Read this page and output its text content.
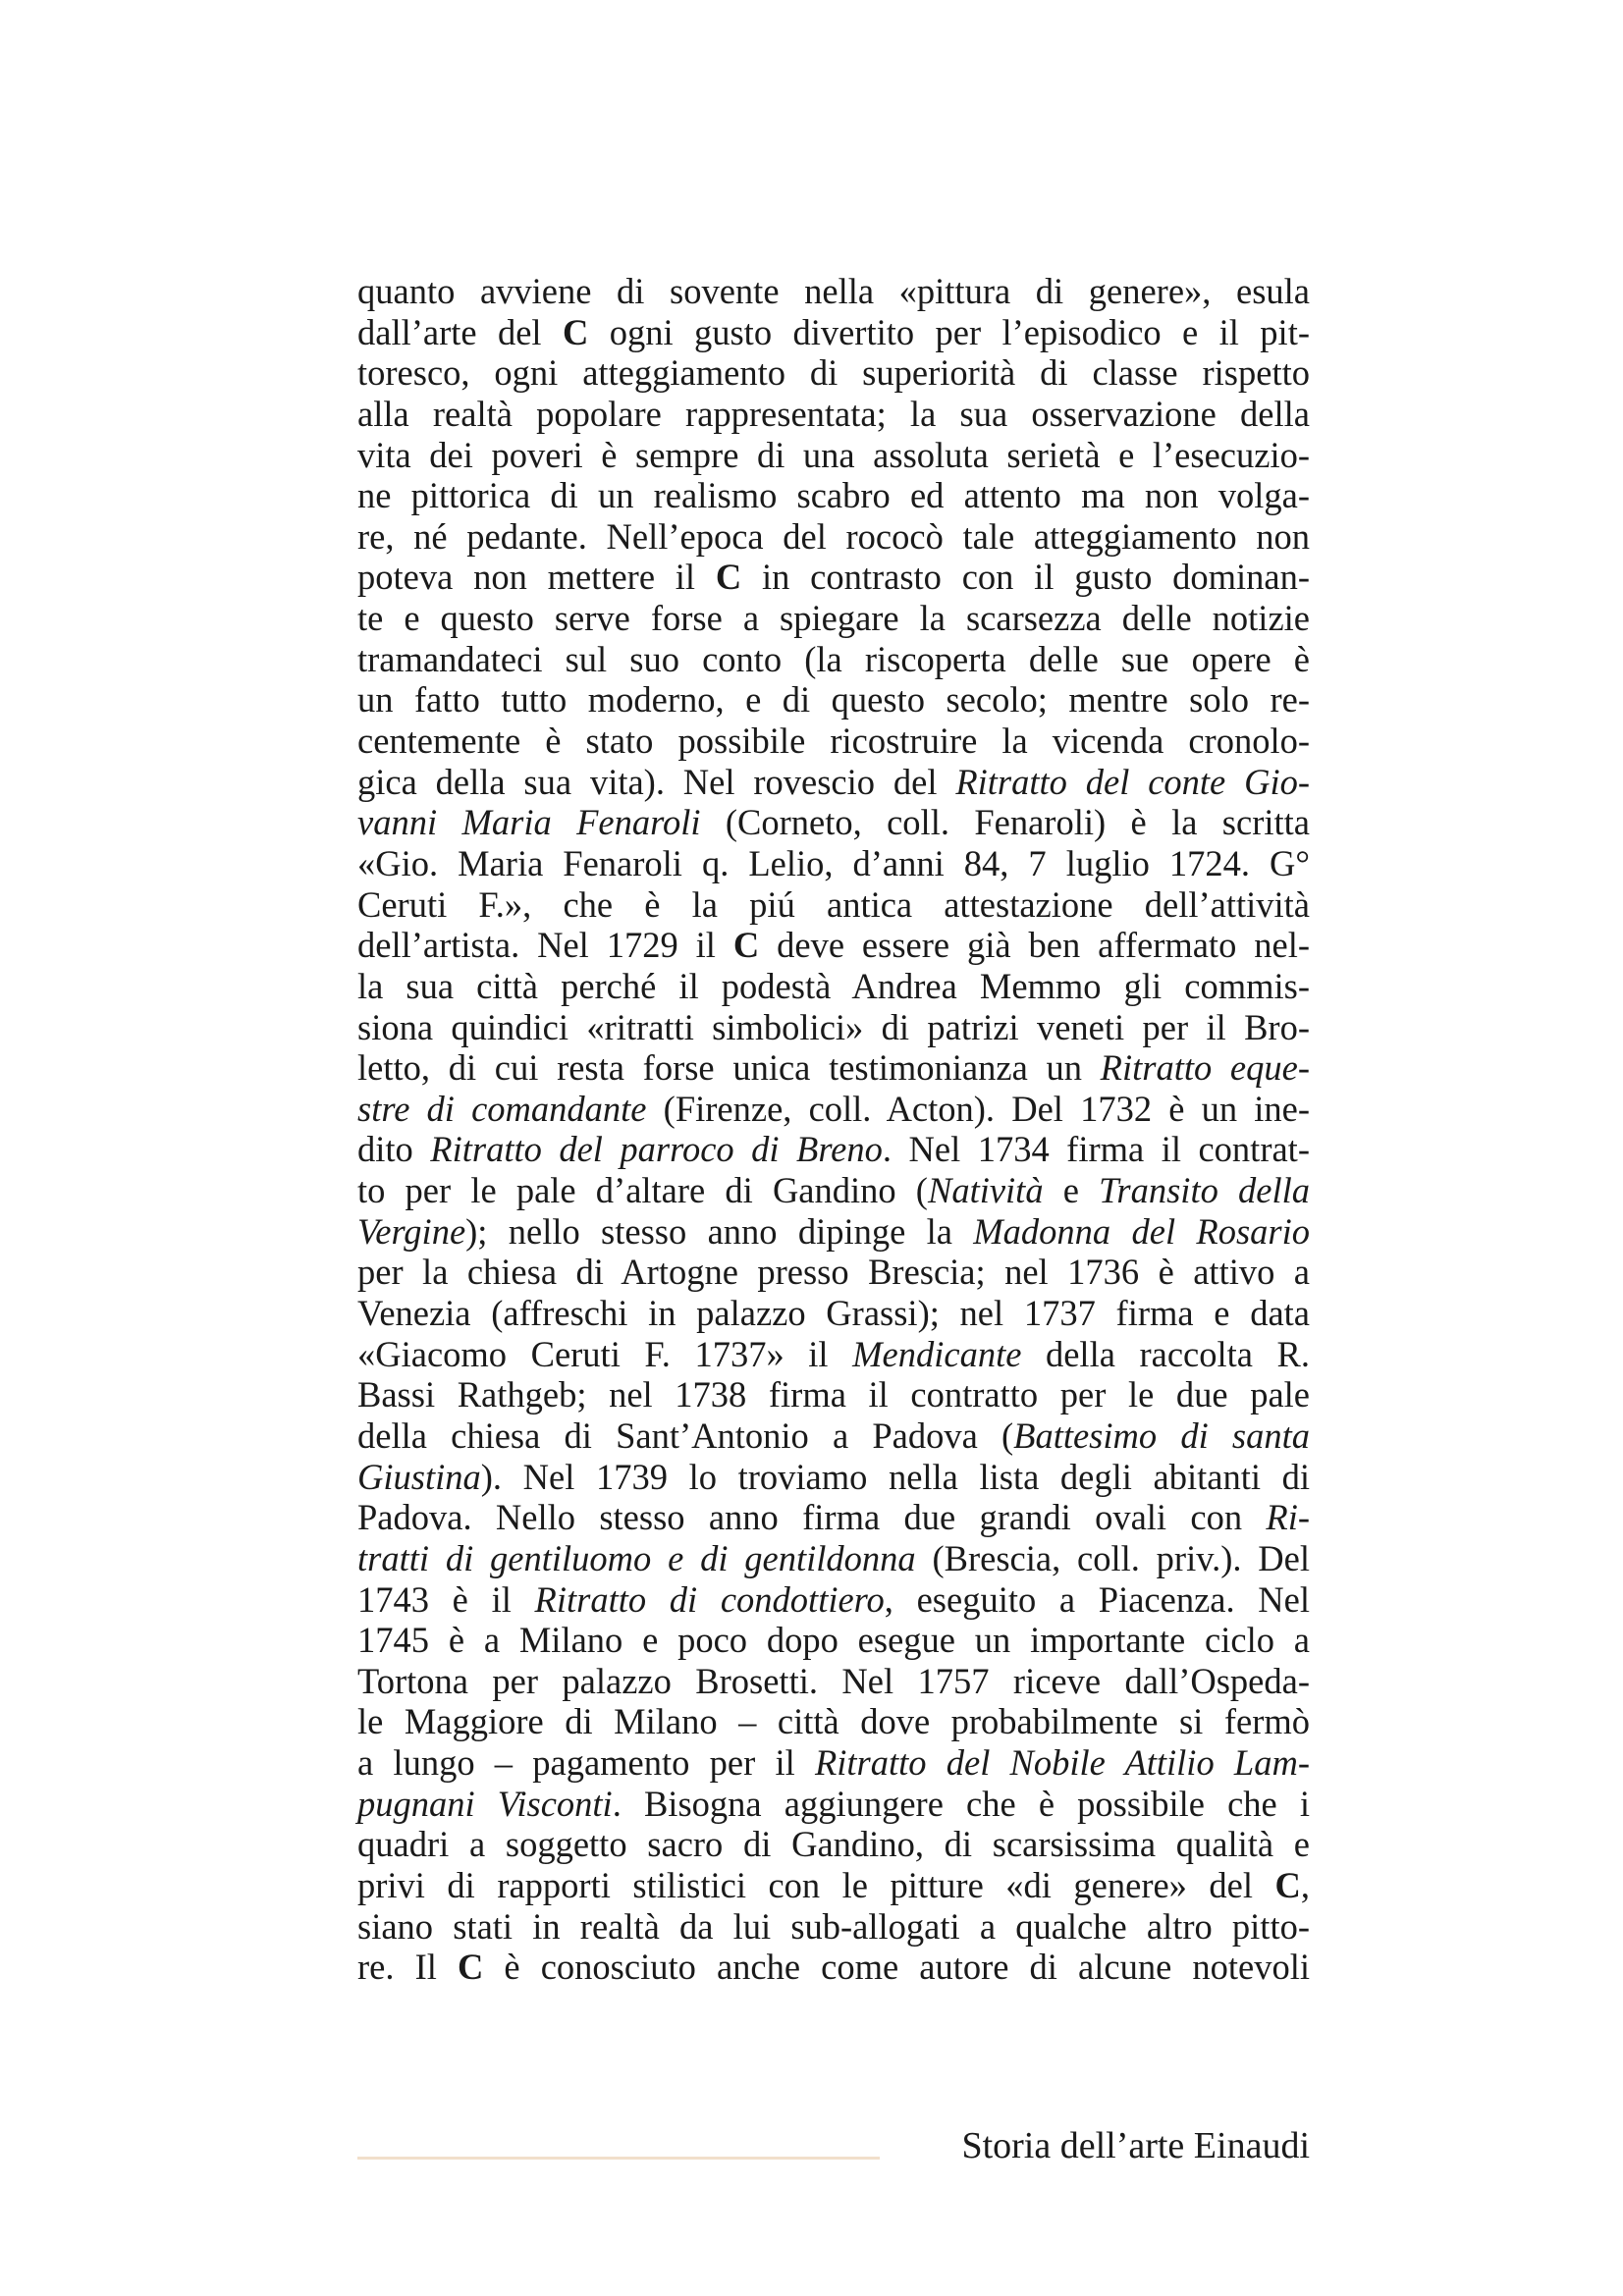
quanto avviene di sovente nella «pittura di genere», esula
dall’arte del C ogni gusto divertito per l’episodico e il pit-
toresco, ogni atteggiamento di superiorità di classe rispetto
alla realtà popolare rappresentata; la sua osservazione della
vita dei poveri è sempre di una assoluta serietà e l’esecuzio-
ne pittorica di un realismo scabro ed attento ma non volga-
re, né pedante. Nell’epoca del rococò tale atteggiamento non
poteva non mettere il C in contrasto con il gusto dominan-
te e questo serve forse a spiegare la scarsezza delle notizie
tramandateci sul suo conto (la riscoperta delle sue opere è
un fatto tutto moderno, e di questo secolo; mentre solo re-
centemente è stato possibile ricostruire la vicenda cronolo-
gica della sua vita). Nel rovescio del Ritratto del conte Gio-
vanni Maria Fenaroli (Corneto, coll. Fenaroli) è la scritta
«Gio. Maria Fenaroli q. Lelio, d’anni 84, 7 luglio 1724. G°
Ceruti F.», che è la piú antica attestazione dell’attività
dell’artista. Nel 1729 il C deve essere già ben affermato nel-
la sua città perché il podestà Andrea Memmo gli commis-
siona quindici «ritratti simbolici» di patrizi veneti per il Bro-
letto, di cui resta forse unica testimonianza un Ritratto eque-
stre di comandante (Firenze, coll. Acton). Del 1732 è un ine-
dito Ritratto del parroco di Breno. Nel 1734 firma il contrat-
to per le pale d’altare di Gandino (Natività e Transito della
Vergine); nello stesso anno dipinge la Madonna del Rosario
per la chiesa di Artogne presso Brescia; nel 1736 è attivo a
Venezia (affreschi in palazzo Grassi); nel 1737 firma e data
«Giacomo Ceruti F. 1737» il Mendicante della raccolta R.
Bassi Rathgeb; nel 1738 firma il contratto per le due pale
della chiesa di Sant’Antonio a Padova (Battesimo di santa
Giustina). Nel 1739 lo troviamo nella lista degli abitanti di
Padova. Nello stesso anno firma due grandi ovali con Ri-
tratti di gentiluomo e di gentildonna (Brescia, coll. priv.). Del
1743 è il Ritratto di condottiero, eseguito a Piacenza. Nel
1745 è a Milano e poco dopo esegue un importante ciclo a
Tortona per palazzo Brosetti. Nel 1757 riceve dall’Ospeda-
le Maggiore di Milano – città dove probabilmente si fermò
a lungo – pagamento per il Ritratto del Nobile Attilio Lam-
pugnani Visconti. Bisogna aggiungere che è possibile che i
quadri a soggetto sacro di Gandino, di scarsissima qualità e
privi di rapporti stilistici con le pitture «di genere» del C,
siano stati in realtà da lui sub-allogati a qualche altro pitto-
re. Il C è conosciuto anche come autore di alcune notevoli
Storia dell’arte Einaudi
